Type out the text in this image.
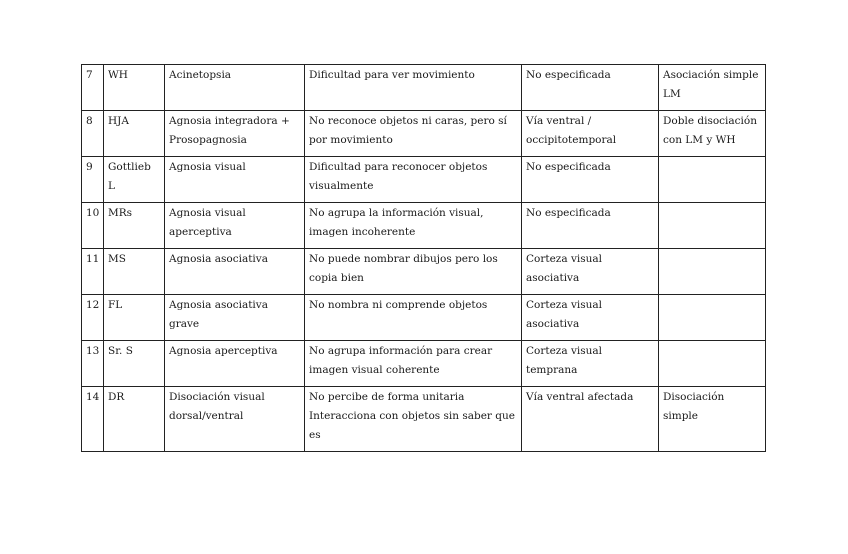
7	WH	Acinetopsia	Dificultad para ver movimiento	No especificada	Asociación simple LM
8	HJA	Agnosia integradora + Prosopagnosia	No reconoce objetos ni caras, pero sí por movimiento	Vía ventral / occipitotemporal	Doble disociación con LM y WH
9	Gottlieb L	Agnosia visual	Dificultad para reconocer objetos visualmente	No especificada	
10	MRs	Agnosia visual aperceptiva	No agrupa la información visual, imagen incoherente	No especificada	
11	MS	Agnosia asociativa	No puede nombrar dibujos pero los copia bien	Corteza visual asociativa	
12	FL	Agnosia asociativa grave	No nombra ni comprende objetos	Corteza visual asociativa	
13	Sr. S	Agnosia aperceptiva	No agrupa información para crear imagen visual coherente	Corteza visual temprana	
14	DR	Disociación visual dorsal/ventral	No percibe de forma unitaria Interacciona con objetos sin saber que es	Vía ventral afectada	Disociación simple
